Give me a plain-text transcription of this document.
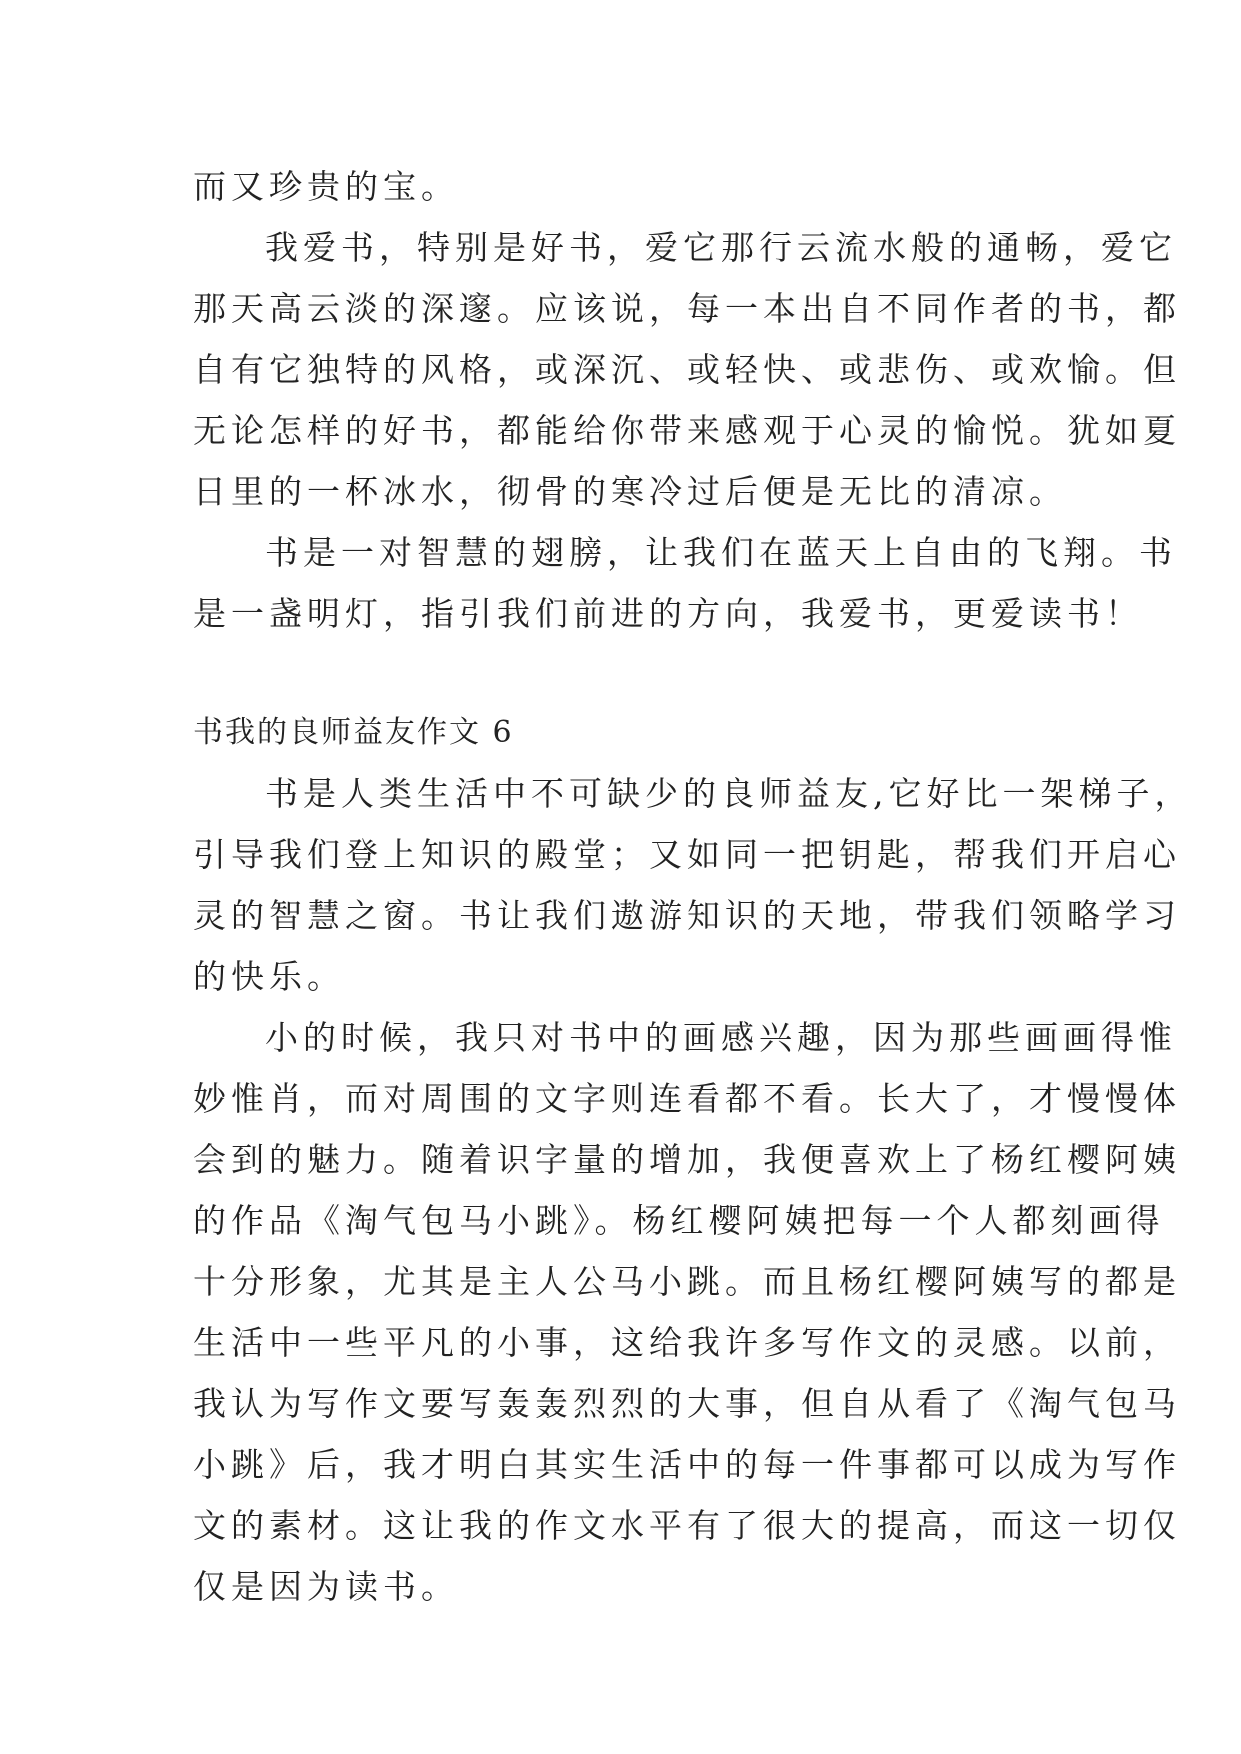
而又珍贵的宝。
我爱书，特别是好书，爱它那行云流水般的通畅，爱它
那天高云淡的深邃。应该说，每一本出自不同作者的书，都
自有它独特的风格，或深沉、或轻快、或悲伤、或欢愉。但
无论怎样的好书，都能给你带来感观于心灵的愉悦。犹如夏
日里的一杯冰水，彻骨的寒冷过后便是无比的清凉。
书是一对智慧的翅膀，让我们在蓝天上自由的飞翔。书
是一盏明灯，指引我们前进的方向，我爱书，更爱读书！
书我的良师益友作文 6
书是人类生活中不可缺少的良师益友,它好比一架梯子，
引导我们登上知识的殿堂；又如同一把钥匙，帮我们开启心
灵的智慧之窗。书让我们遨游知识的天地，带我们领略学习
的快乐。
小的时候，我只对书中的画感兴趣，因为那些画画得惟
妙惟肖，而对周围的文字则连看都不看。长大了，才慢慢体
会到的魅力。随着识字量的增加，我便喜欢上了杨红樱阿姨
的作品《淘气包马小跳》。杨红樱阿姨把每一个人都刻画得
十分形象，尤其是主人公马小跳。而且杨红樱阿姨写的都是
生活中一些平凡的小事，这给我许多写作文的灵感。以前，
我认为写作文要写轰轰烈烈的大事，但自从看了《淘气包马
小跳》后，我才明白其实生活中的每一件事都可以成为写作
文的素材。这让我的作文水平有了很大的提高，而这一切仅
仅是因为读书。
